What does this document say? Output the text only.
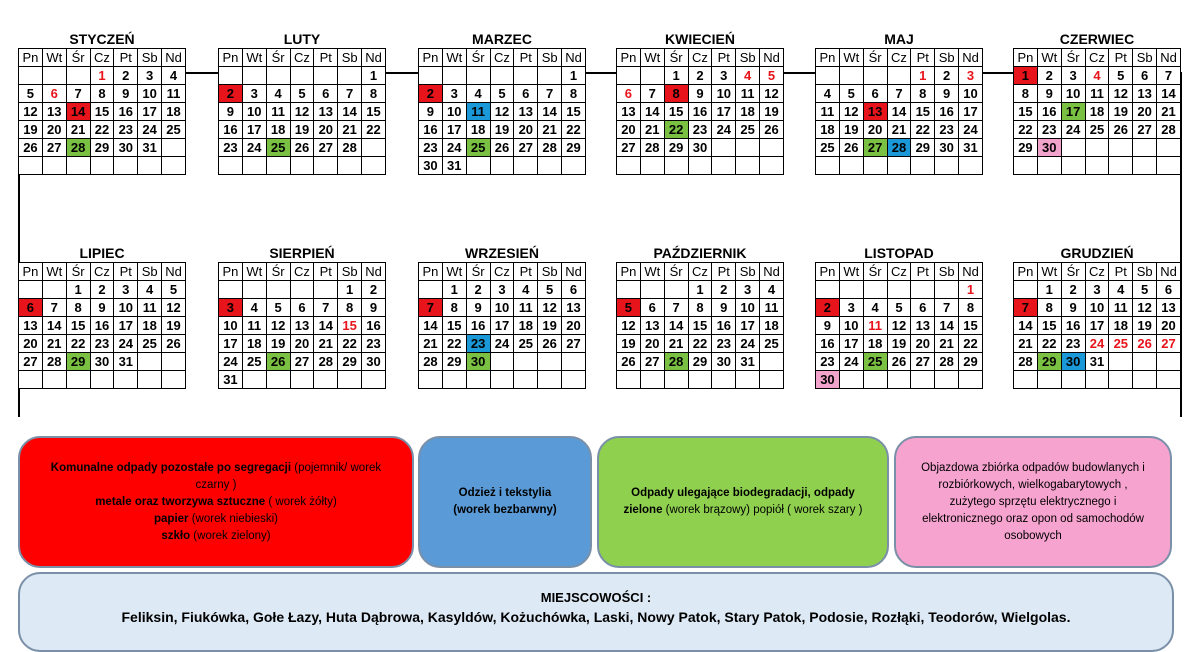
STYCZEŃ
Pn	Wt	Śr	Cz	Pt	Sb	Nd
			1	2	3	4
5	6	7	8	9	10	11
12	13	14	15	16	17	18
19	20	21	22	23	24	25
26	27	28	29	30	31	

LUTY
Pn	Wt	Śr	Cz	Pt	Sb	Nd
						1
2	3	4	5	6	7	8
9	10	11	12	13	14	15
16	17	18	19	20	21	22
23	24	25	26	27	28	

MARZEC
Pn	Wt	Śr	Cz	Pt	Sb	Nd
						1
2	3	4	5	6	7	8
9	10	11	12	13	14	15
16	17	18	19	20	21	22
23	24	25	26	27	28	29
30	31					
KWIECIEŃ
Pn	Wt	Śr	Cz	Pt	Sb	Nd
		1	2	3	4	5
6	7	8	9	10	11	12
13	14	15	16	17	18	19
20	21	22	23	24	25	26
27	28	29	30			

MAJ
Pn	Wt	Śr	Cz	Pt	Sb	Nd
				1	2	3
4	5	6	7	8	9	10
11	12	13	14	15	16	17
18	19	20	21	22	23	24
25	26	27	28	29	30	31

CZERWIEC
Pn	Wt	Śr	Cz	Pt	Sb	Nd
1	2	3	4	5	6	7
8	9	10	11	12	13	14
15	16	17	18	19	20	21
22	23	24	25	26	27	28
29	30					

LIPIEC
Pn	Wt	Śr	Cz	Pt	Sb	Nd
		1	2	3	4	5
6	7	8	9	10	11	12
13	14	15	16	17	18	19
20	21	22	23	24	25	26
27	28	29	30	31		

SIERPIEŃ
Pn	Wt	Śr	Cz	Pt	Sb	Nd
					1	2
3	4	5	6	7	8	9
10	11	12	13	14	15	16
17	18	19	20	21	22	23
24	25	26	27	28	29	30
31						
WRZESIEŃ
Pn	Wt	Śr	Cz	Pt	Sb	Nd
	1	2	3	4	5	6
7	8	9	10	11	12	13
14	15	16	17	18	19	20
21	22	23	24	25	26	27
28	29	30				

PAŹDZIERNIK
Pn	Wt	Śr	Cz	Pt	Sb	Nd
			1	2	3	4
5	6	7	8	9	10	11
12	13	14	15	16	17	18
19	20	21	22	23	24	25
26	27	28	29	30	31	

LISTOPAD
Pn	Wt	Śr	Cz	Pt	Sb	Nd
						1
2	3	4	5	6	7	8
9	10	11	12	13	14	15
16	17	18	19	20	21	22
23	24	25	26	27	28	29
30						
GRUDZIEŃ
Pn	Wt	Śr	Cz	Pt	Sb	Nd
	1	2	3	4	5	6
7	8	9	10	11	12	13
14	15	16	17	18	19	20
21	22	23	24	25	26	27
28	29	30	31			

Komunalne odpady pozostałe po segregacji (pojemnik/ worek czarny )
metale oraz tworzywa sztuczne ( worek żółty)
papier (worek niebieski)
szkło (worek zielony)
Odzież i tekstylia
(worek bezbarwny)
Odpady ulegające biodegradacji, odpady zielone (worek brązowy) popiół ( worek szary )
Objazdowa zbiórka odpadów budowlanych i rozbiórkowych, wielkogabarytowych , zużytego sprzętu elektrycznego i elektronicznego oraz opon od samochodów osobowych
MIEJSCOWOŚCI :
Feliksin, Fiukówka, Gołe Łazy, Huta Dąbrowa, Kasyldów, Kożuchówka, Laski, Nowy Patok, Stary Patok, Podosie, Rozłąki, Teodorów, Wielgolas.
